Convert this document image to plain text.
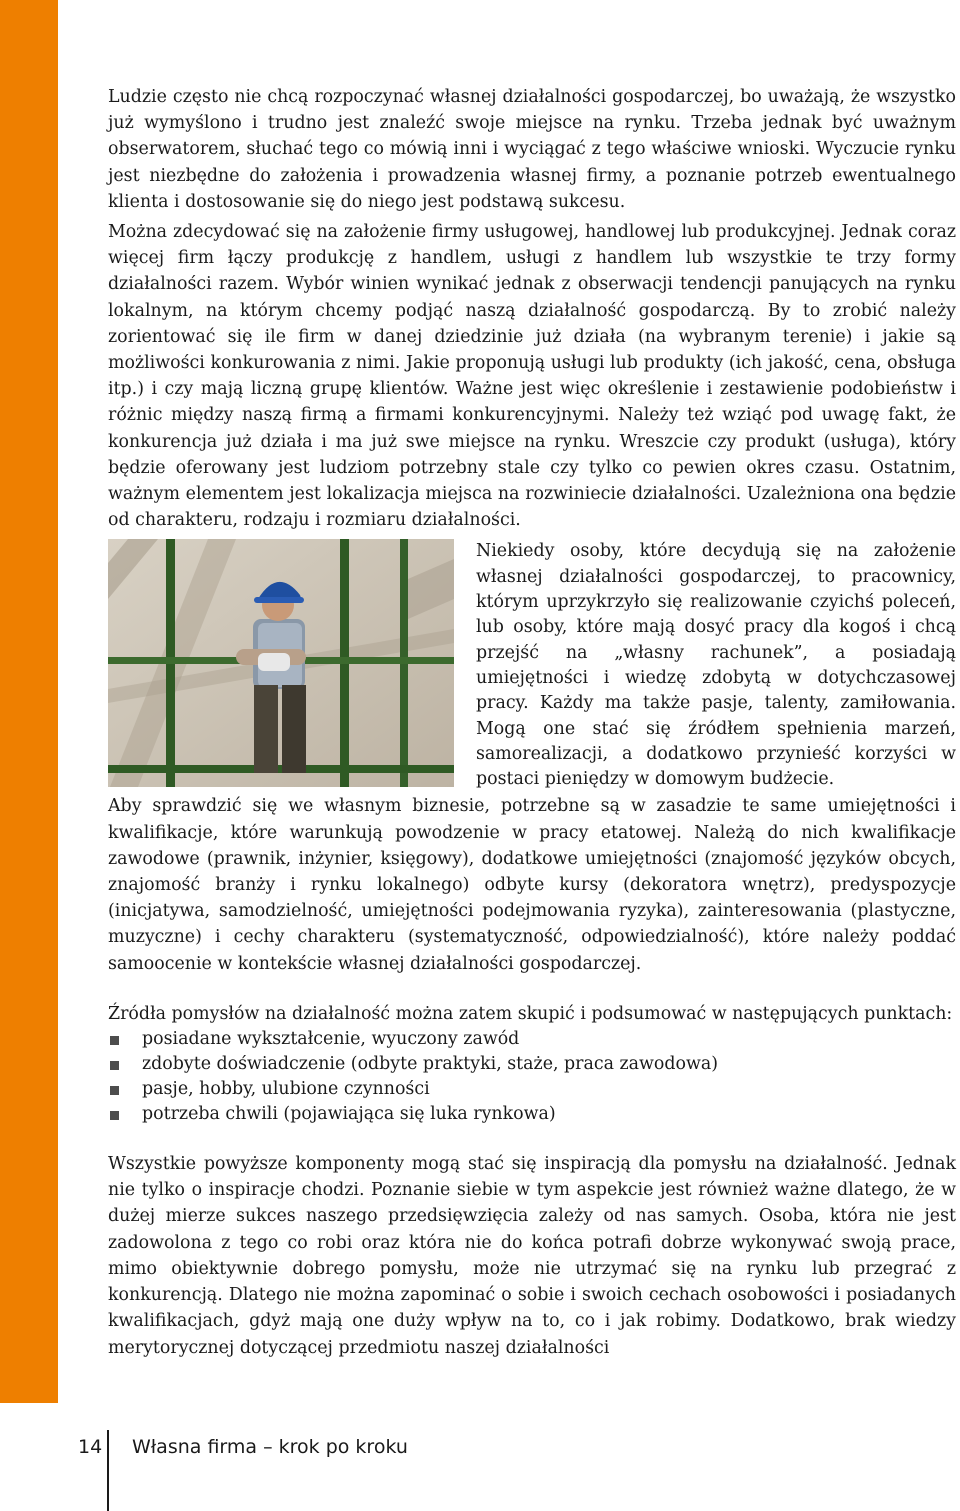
Ludzie często nie chcą rozpoczynać własnej działalności gospodarczej, bo uważają, że wszystko już wymyślono i trudno jest znaleźć swoje miejsce na rynku. Trzeba jednak być uważnym obserwatorem, słuchać tego co mówią inni i wyciągać z tego właściwe wnioski. Wyczucie rynku jest niezbędne do założenia i prowadzenia własnej firmy, a poznanie potrzeb ewentualnego klienta i dostosowanie się do niego jest podstawą sukcesu.

Można zdecydować się na założenie firmy usługowej, handlowej lub produkcyjnej. Jednak coraz więcej firm łączy produkcję z handlem, usługi z handlem lub wszystkie te trzy formy działalności razem. Wybór winien wynikać jednak z obserwacji tendencji panujących na rynku lokalnym, na którym chcemy podjąć naszą działalność gospodarczą. By to zrobić należy zorientować się ile firm w danej dziedzinie już działa (na wybranym terenie) i jakie są możliwości konkurowania z nimi. Jakie proponują usługi lub produkty (ich jakość, cena, obsługa itp.) i czy mają liczną grupę klientów. Ważne jest więc określenie i zestawienie podobieństw i różnic między naszą firmą a firmami konkurencyjnymi. Należy też wziąć pod uwagę fakt, że konkurencja już działa i ma już swe miejsce na rynku. Wreszcie czy produkt (usługa), który będzie oferowany jest ludziom potrzebny stale czy tylko co pewien okres czasu. Ostatnim, ważnym elementem jest lokalizacja miejsca na rozwiniecie działalności. Uzależniona ona będzie od charakteru, rodzaju i rozmiaru działalności.

Niekiedy osoby, które decydują się na założenie własnej działalności gospodarczej, to pracownicy, którym uprzykrzyło się realizowanie czyichś poleceń, lub osoby, które mają dosyć pracy dla kogoś i chcą przejść na „własny rachunek”, a posiadają umiejętności i wiedzę zdobytą w dotychczasowej pracy. Każdy ma także pasje, talenty, zamiłowania. Mogą one stać się źródłem spełnienia marzeń, samorealizacji, a dodatkowo przynieść korzyści w postaci pieniędzy w domowym budżecie.

Aby sprawdzić się we własnym biznesie, potrzebne są w zasadzie te same umiejętności i kwalifikacje, które warunkują powodzenie w pracy etatowej. Należą do nich kwalifikacje zawodowe (prawnik, inżynier, księgowy), dodatkowe umiejętności (znajomość języków obcych, znajomość branży i rynku lokalnego) odbyte kursy (dekoratora wnętrz), predyspozycje (inicjatywa, samodzielność, umiejętności podejmowania ryzyka), zainteresowania (plastyczne, muzyczne) i cechy charakteru (systematyczność, odpowiedzialność), które należy poddać samoocenie w kontekście własnej działalności gospodarczej.

Źródła pomysłów na działalność można zatem skupić i podsumować w następujących punktach:

posiadane wykształcenie, wyuczony zawód
zdobyte doświadczenie (odbyte praktyki, staże, praca zawodowa)
pasje, hobby, ulubione czynności
potrzeba chwili (pojawiająca się luka rynkowa)

Wszystkie powyższe komponenty mogą stać się inspiracją dla pomysłu na działalność. Jednak nie tylko o inspiracje chodzi. Poznanie siebie w tym aspekcie jest również ważne dlatego, że w dużej mierze sukces naszego przedsięwzięcia zależy od nas samych. Osoba, która nie jest zadowolona z tego co robi oraz która nie do końca potrafi dobrze wykonywać swoją prace, mimo obiektywnie dobrego pomysłu, może nie utrzymać się na rynku lub przegrać z konkurencją. Dlatego nie można zapominać o sobie i swoich cechach osobowości i posiadanych kwalifikacjach, gdyż mają one duży wpływ na to, co i jak robimy. Dodatkowo, brak wiedzy merytorycznej dotyczącej przedmiotu naszej działalności

14 Własna firma – krok po kroku
